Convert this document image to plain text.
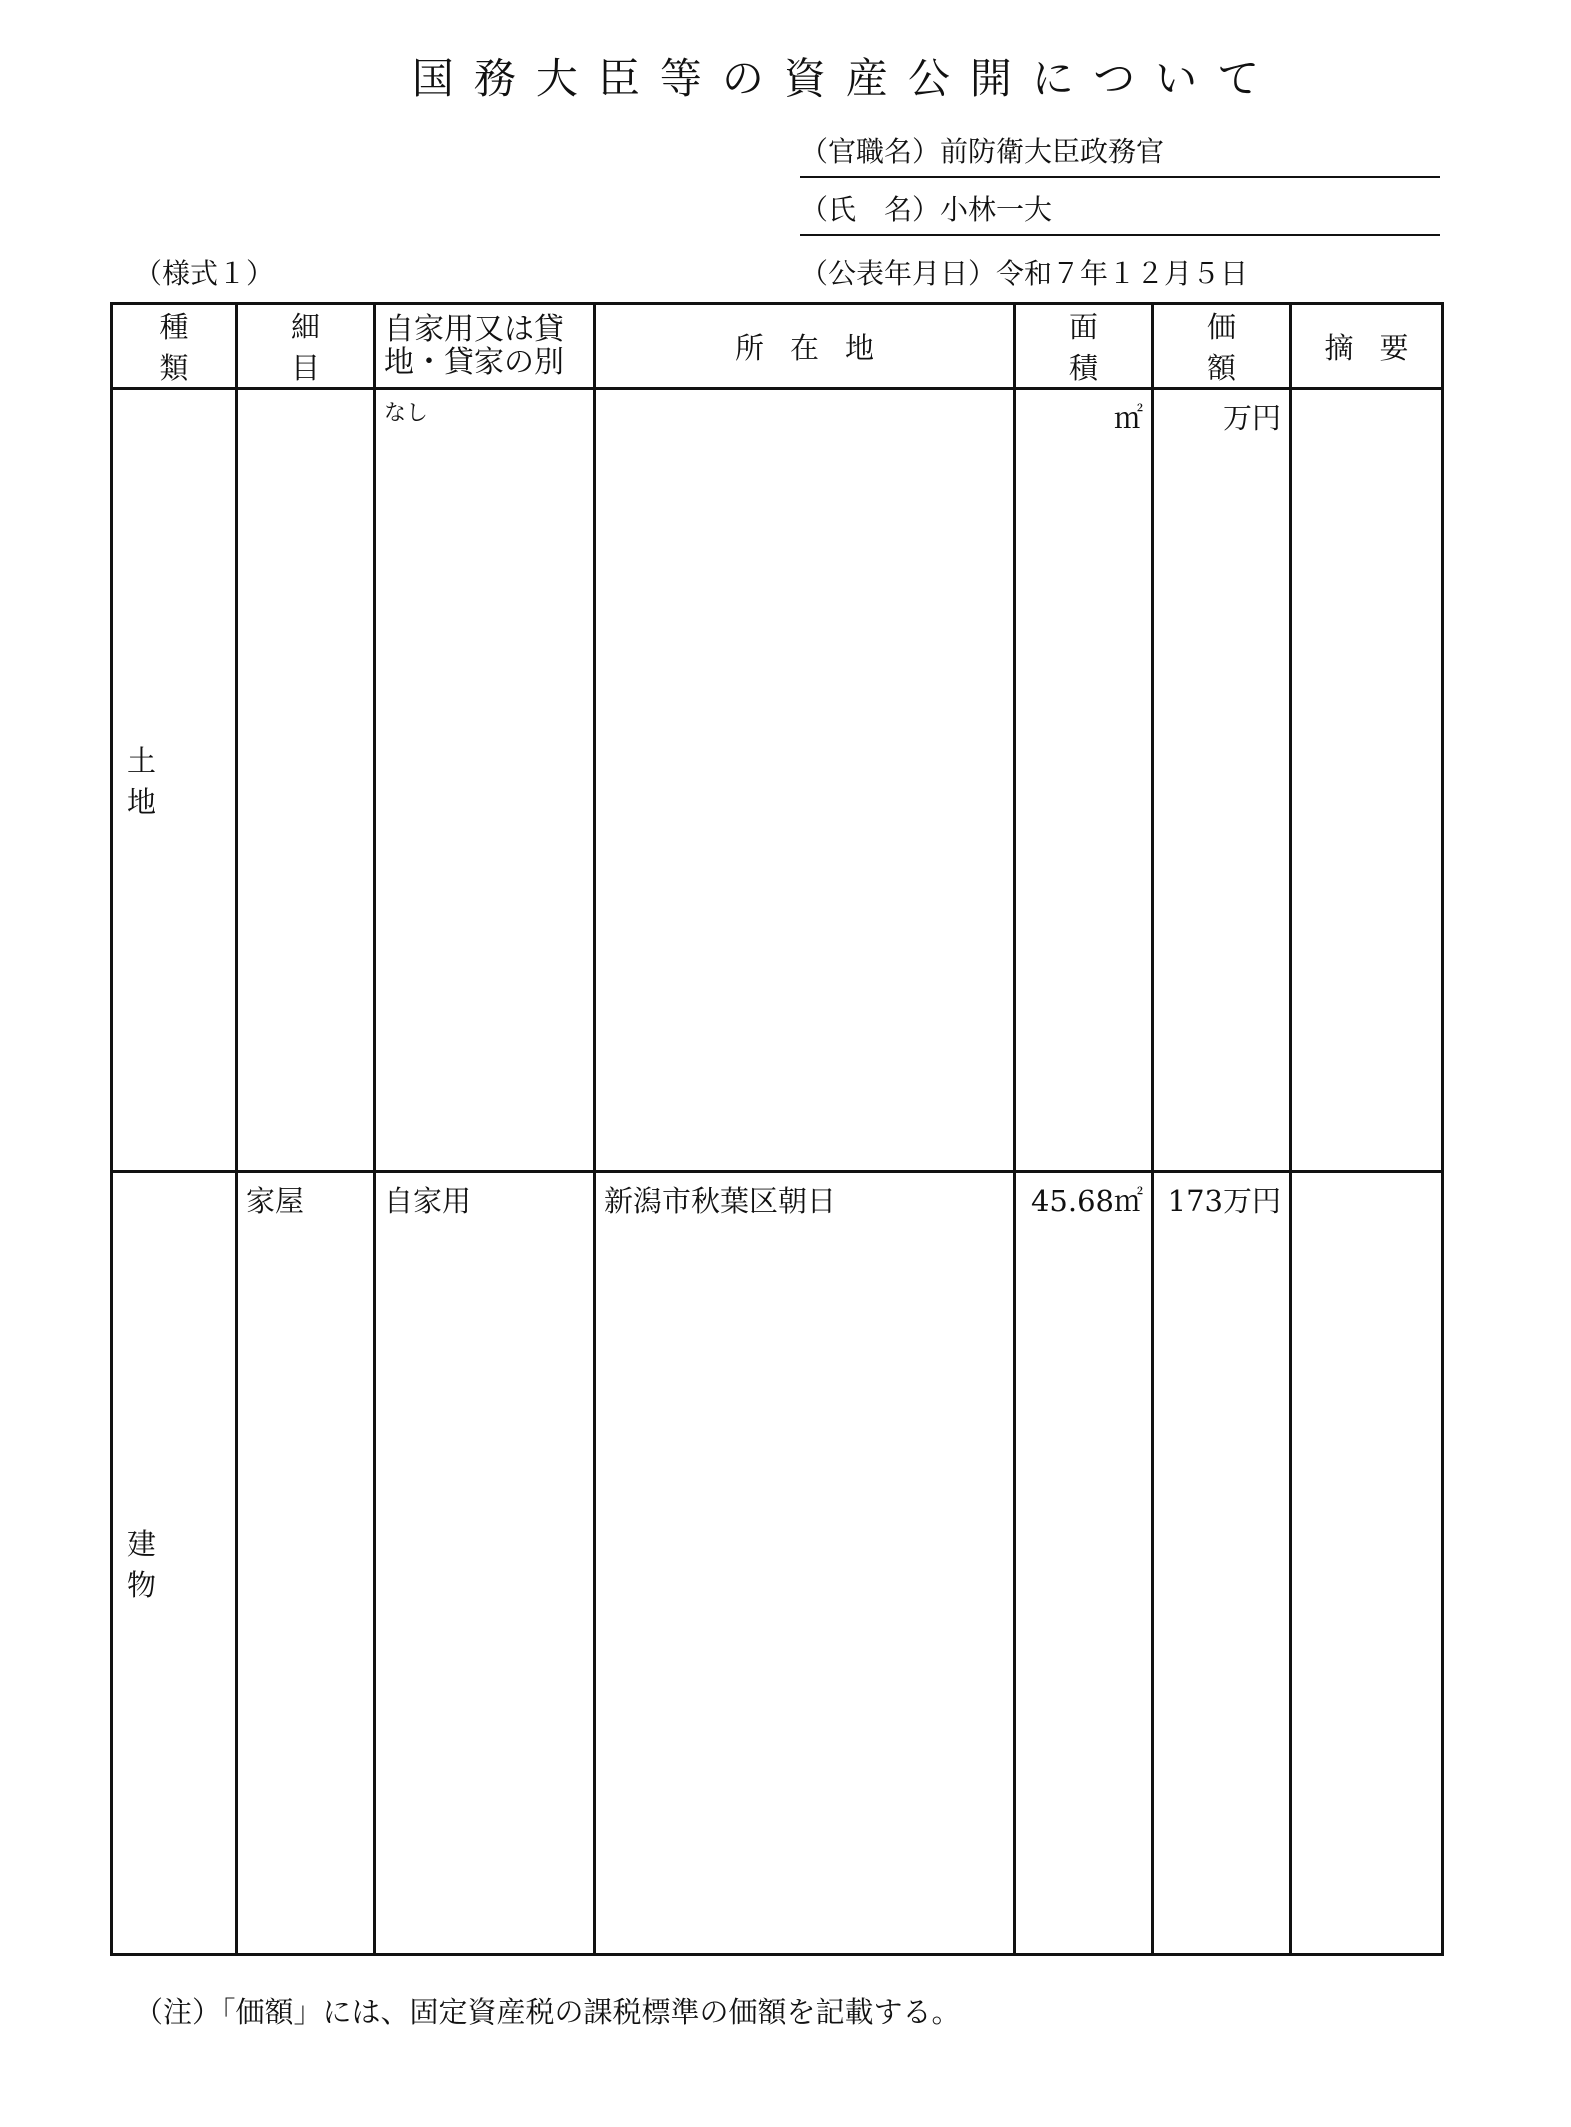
国務大臣等の資産公開について
（官職名）前防衛大臣政務官
（氏　名）小林一大
（様式１）	（公表年月日）令和７年１２月５日
種類	細目	自家用又は貸地・貸家の別	所在地	面積	価額	摘要
土地		なし		㎡	万円	
建物	家屋	自家用	新潟市秋葉区朝日	45.68㎡	173万円	
（注）「価額」には、固定資産税の課税標準の価額を記載する。
